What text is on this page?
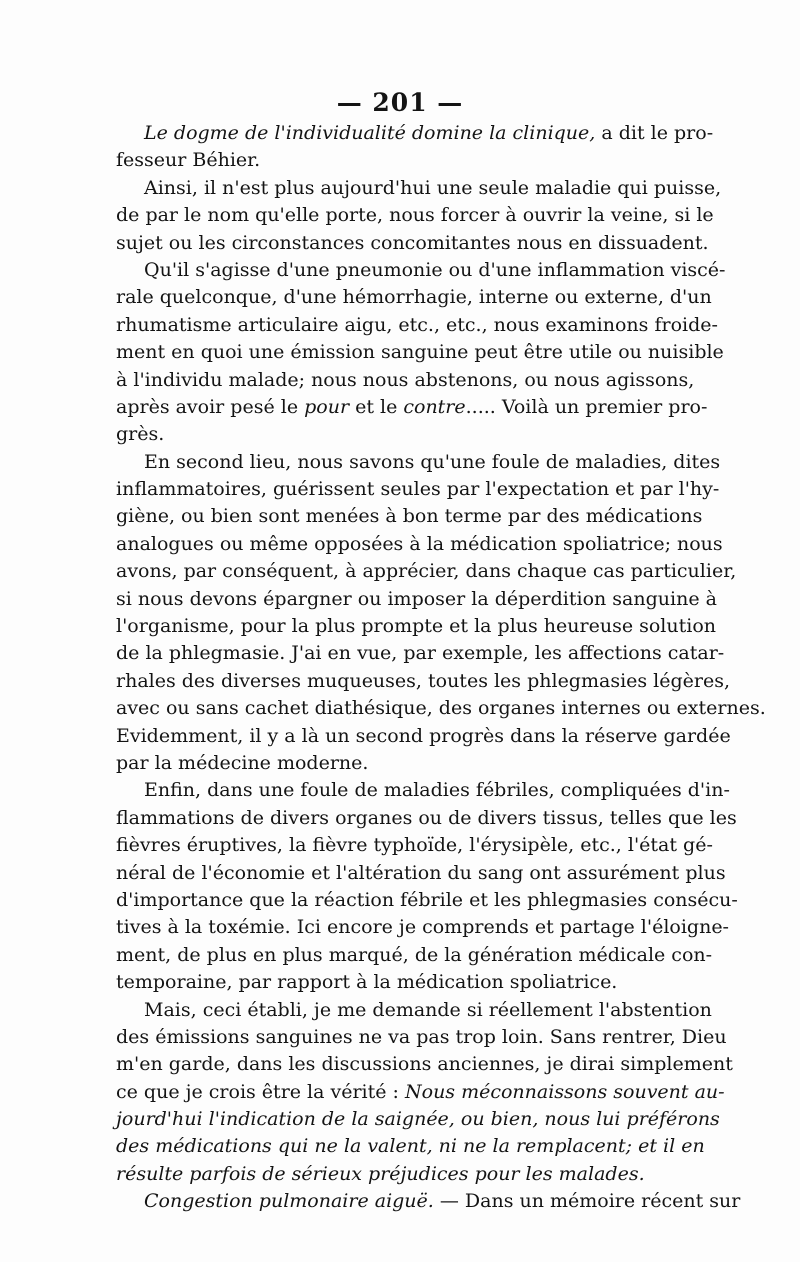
— 201 —
Le dogme de l'individualité domine la clinique, a dit le pro-
fesseur Béhier.
Ainsi, il n'est plus aujourd'hui une seule maladie qui puisse,
de par le nom qu'elle porte, nous forcer à ouvrir la veine, si le
sujet ou les circonstances concomitantes nous en dissuadent.
Qu'il s'agisse d'une pneumonie ou d'une inflammation viscé-
rale quelconque, d'une hémorrhagie, interne ou externe, d'un
rhumatisme articulaire aigu, etc., etc., nous examinons froide-
ment en quoi une émission sanguine peut être utile ou nuisible
à l'individu malade; nous nous abstenons, ou nous agissons,
après avoir pesé le pour et le contre..... Voilà un premier pro-
grès.
En second lieu, nous savons qu'une foule de maladies, dites
inflammatoires, guérissent seules par l'expectation et par l'hy-
giène, ou bien sont menées à bon terme par des médications
analogues ou même opposées à la médication spoliatrice; nous
avons, par conséquent, à apprécier, dans chaque cas particulier,
si nous devons épargner ou imposer la déperdition sanguine à
l'organisme, pour la plus prompte et la plus heureuse solution
de la phlegmasie. J'ai en vue, par exemple, les affections catar-
rhales des diverses muqueuses, toutes les phlegmasies légères,
avec ou sans cachet diathésique, des organes internes ou externes.
Evidemment, il y a là un second progrès dans la réserve gardée
par la médecine moderne.
Enfin, dans une foule de maladies fébriles, compliquées d'in-
flammations de divers organes ou de divers tissus, telles que les
fièvres éruptives, la fièvre typhoïde, l'érysipèle, etc., l'état gé-
néral de l'économie et l'altération du sang ont assurément plus
d'importance que la réaction fébrile et les phlegmasies consécu-
tives à la toxémie. Ici encore je comprends et partage l'éloigne-
ment, de plus en plus marqué, de la génération médicale con-
temporaine, par rapport à la médication spoliatrice.
Mais, ceci établi, je me demande si réellement l'abstention
des émissions sanguines ne va pas trop loin. Sans rentrer, Dieu
m'en garde, dans les discussions anciennes, je dirai simplement
ce que je crois être la vérité : Nous méconnaissons souvent au-
jourd'hui l'indication de la saignée, ou bien, nous lui préférons
des médications qui ne la valent, ni ne la remplacent; et il en
résulte parfois de sérieux préjudices pour les malades.
Congestion pulmonaire aiguë. — Dans un mémoire récent sur
